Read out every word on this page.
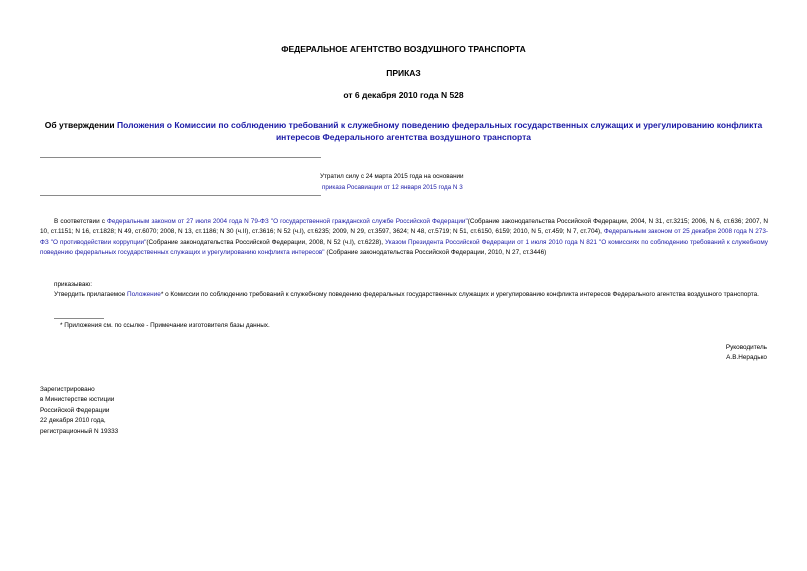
ФЕДЕРАЛЬНОЕ АГЕНТСТВО ВОЗДУШНОГО ТРАНСПОРТА
ПРИКАЗ
от 6 декабря 2010 года N 528
Об утверждении Положения о Комиссии по соблюдению требований к служебному поведению федеральных государственных служащих и урегулированию конфликта интересов Федерального агентства воздушного транспорта
Утратил силу с 24 марта 2015 года на основании
приказа Росавиации от 12 января 2015 года N 3
В соответствии с Федеральным законом от 27 июля 2004 года N 79-ФЗ "О государственной гражданской службе Российской Федерации"(Собрание законодательства Российской Федерации, 2004, N 31, ст.3215; 2006, N 6, ст.636; 2007, N 10, ст.1151; N 16, ст.1828; N 49, ст.6070; 2008, N 13, ст.1186; N 30 (ч.II), ст.3616; N 52 (ч.I), ст.6235; 2009, N 29, ст.3597, 3624; N 48, ст.5719; N 51, ст.6150, 6159; 2010, N 5, ст.459; N 7, ст.704), Федеральным законом от 25 декабря 2008 года N 273-ФЗ "О противодействии коррупции"(Собрание законодательства Российской Федерации, 2008, N 52 (ч.I), ст.6228), Указом Президента Российской Федерации от 1 июля 2010 года N 821 "О комиссиях по соблюдению требований к служебному поведению федеральных государственных служащих и урегулированию конфликта интересов" (Собрание законодательства Российской Федерации, 2010, N 27, ст.3446)
приказываю:
Утвердить прилагаемое Положение* о Комиссии по соблюдению требований к служебному поведению федеральных государственных служащих и урегулированию конфликта интересов Федерального агентства воздушного транспорта.
* Приложения см. по ссылке - Примечание изготовителя базы данных.
Руководитель
А.В.Нерадько
Зарегистрировано
в Министерстве юстиции
Российской Федерации
22 декабря 2010 года,
регистрационный N 19333
